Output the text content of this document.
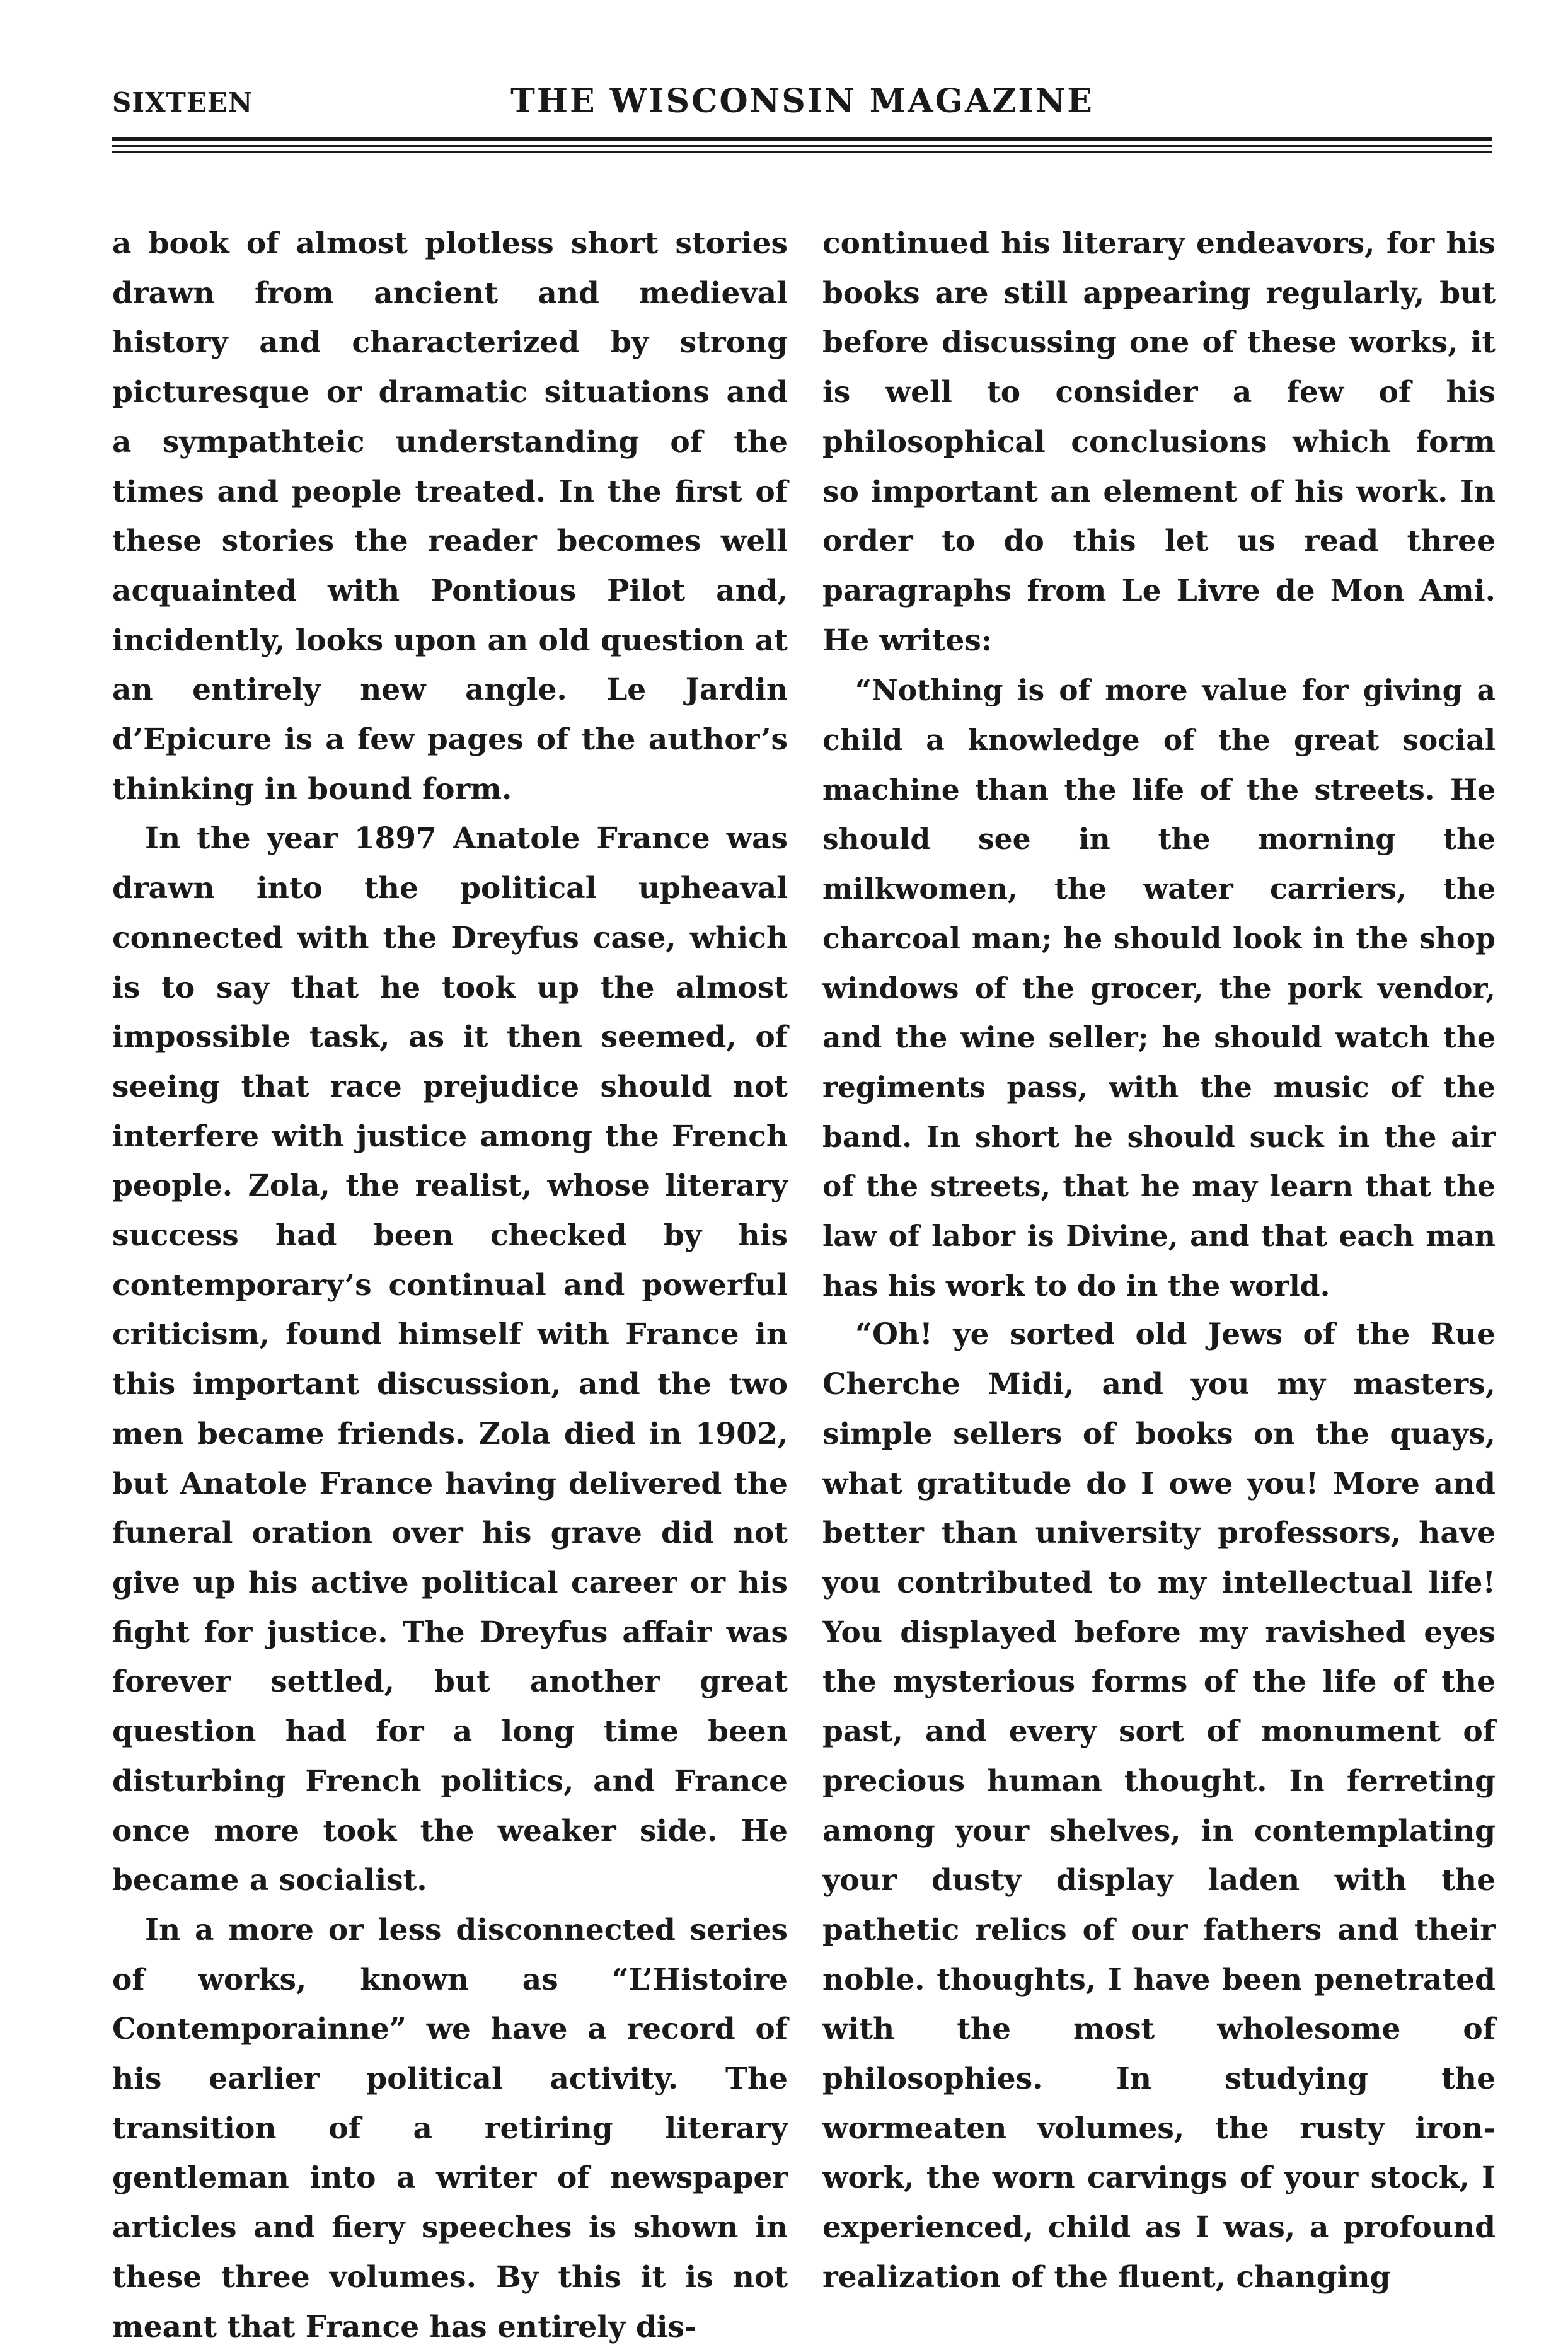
SIXTEEN	THE WISCONSIN MAGAZINE

a book of almost plotless short stories drawn from ancient and medieval history and characterized by strong picturesque or dramatic situations and a sympathteic understanding of the times and people treated. In the first of these stories the reader becomes well acquainted with Pontious Pilot and, incidently, looks upon an old question at an entirely new angle. Le Jardin d’Epicure is a few pages of the author’s thinking in bound form.

In the year 1897 Anatole France was drawn into the political upheaval connected with the Dreyfus case, which is to say that he took up the almost impossible task, as it then seemed, of seeing that race prejudice should not interfere with justice among the French people. Zola, the realist, whose literary success had been checked by his contemporary’s continual and powerful criticism, found himself with France in this important discussion, and the two men became friends. Zola died in 1902, but Anatole France having delivered the funeral oration over his grave did not give up his active political career or his fight for justice. The Dreyfus affair was forever settled, but another great question had for a long time been disturbing French politics, and France once more took the weaker side. He became a socialist.

In a more or less disconnected series of works, known as “L’Histoire Contemporainne” we have a record of his earlier political activity. The transition of a retiring literary gentleman into a writer of newspaper articles and fiery speeches is shown in these three volumes. By this it is not meant that France has entirely dis-

continued his literary endeavors, for his books are still appearing regularly, but before discussing one of these works, it is well to consider a few of his philosophical conclusions which form so important an element of his work. In order to do this let us read three paragraphs from Le Livre de Mon Ami. He writes:

“Nothing is of more value for giving a child a knowledge of the great social machine than the life of the streets. He should see in the morning the milkwomen, the water carriers, the charcoal man; he should look in the shop windows of the grocer, the pork vendor, and the wine seller; he should watch the regiments pass, with the music of the band. In short he should suck in the air of the streets, that he may learn that the law of labor is Divine, and that each man has his work to do in the world.

“Oh! ye sorted old Jews of the Rue Cherche Midi, and you my masters, simple sellers of books on the quays, what gratitude do I owe you! More and better than university professors, have you contributed to my intellectual life! You displayed before my ravished eyes the mysterious forms of the life of the past, and every sort of monument of precious human thought. In ferreting among your shelves, in contemplating your dusty display laden with the pathetic relics of our fathers and their noble. thoughts, I have been penetrated with the most wholesome of philosophies. In studying the wormeaten volumes, the rusty iron-work, the worn carvings of your stock, I experienced, child as I was, a profound realization of the fluent, changing
